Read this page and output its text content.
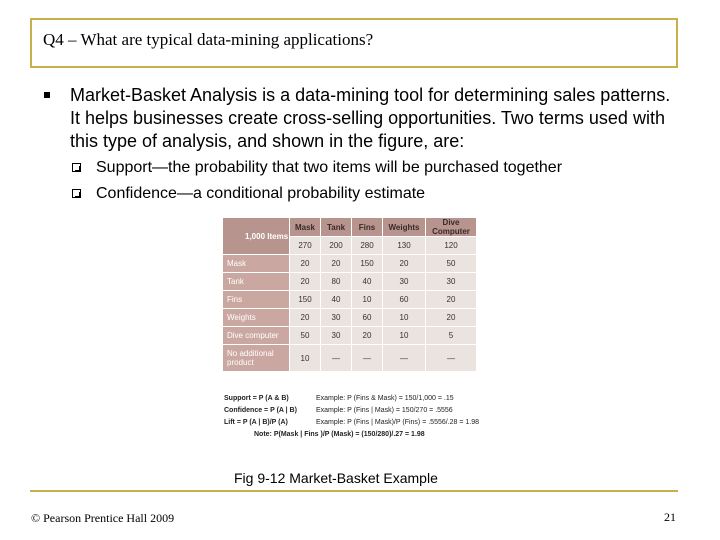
Q4 – What are typical data-mining applications?
Market-Basket Analysis is a data-mining tool for determining sales patterns. It helps businesses create cross-selling opportunities. Two terms used with this type of analysis, and shown in the figure, are:
Support—the probability that two items will be purchased together
Confidence—a conditional probability estimate
1,000 Items	Mask	Tank	Fins	Weights	Dive Computer
	270	200	280	130	120
Mask	20	20	150	20	50
Tank	20	80	40	30	30
Fins	150	40	10	60	20
Weights	20	30	60	10	20
Dive computer	50	30	20	10	5
No additional product	10	—	—	—	—
Support = P (A & B)	Example: P (Fins & Mask) = 150/1,000 = .15
Confidence = P (A | B)	Example: P (Fins | Mask) = 150/270 = .5556
Lift = P (A | B)/P (A)	Example: P (Fins | Mask)/P (Fins) = .5556/.28 = 1.98
Note: P(Mask | Fins )/P (Mask) = (150/280)/.27 = 1.98
Fig 9-12 Market-Basket Example
© Pearson Prentice Hall 2009	21
